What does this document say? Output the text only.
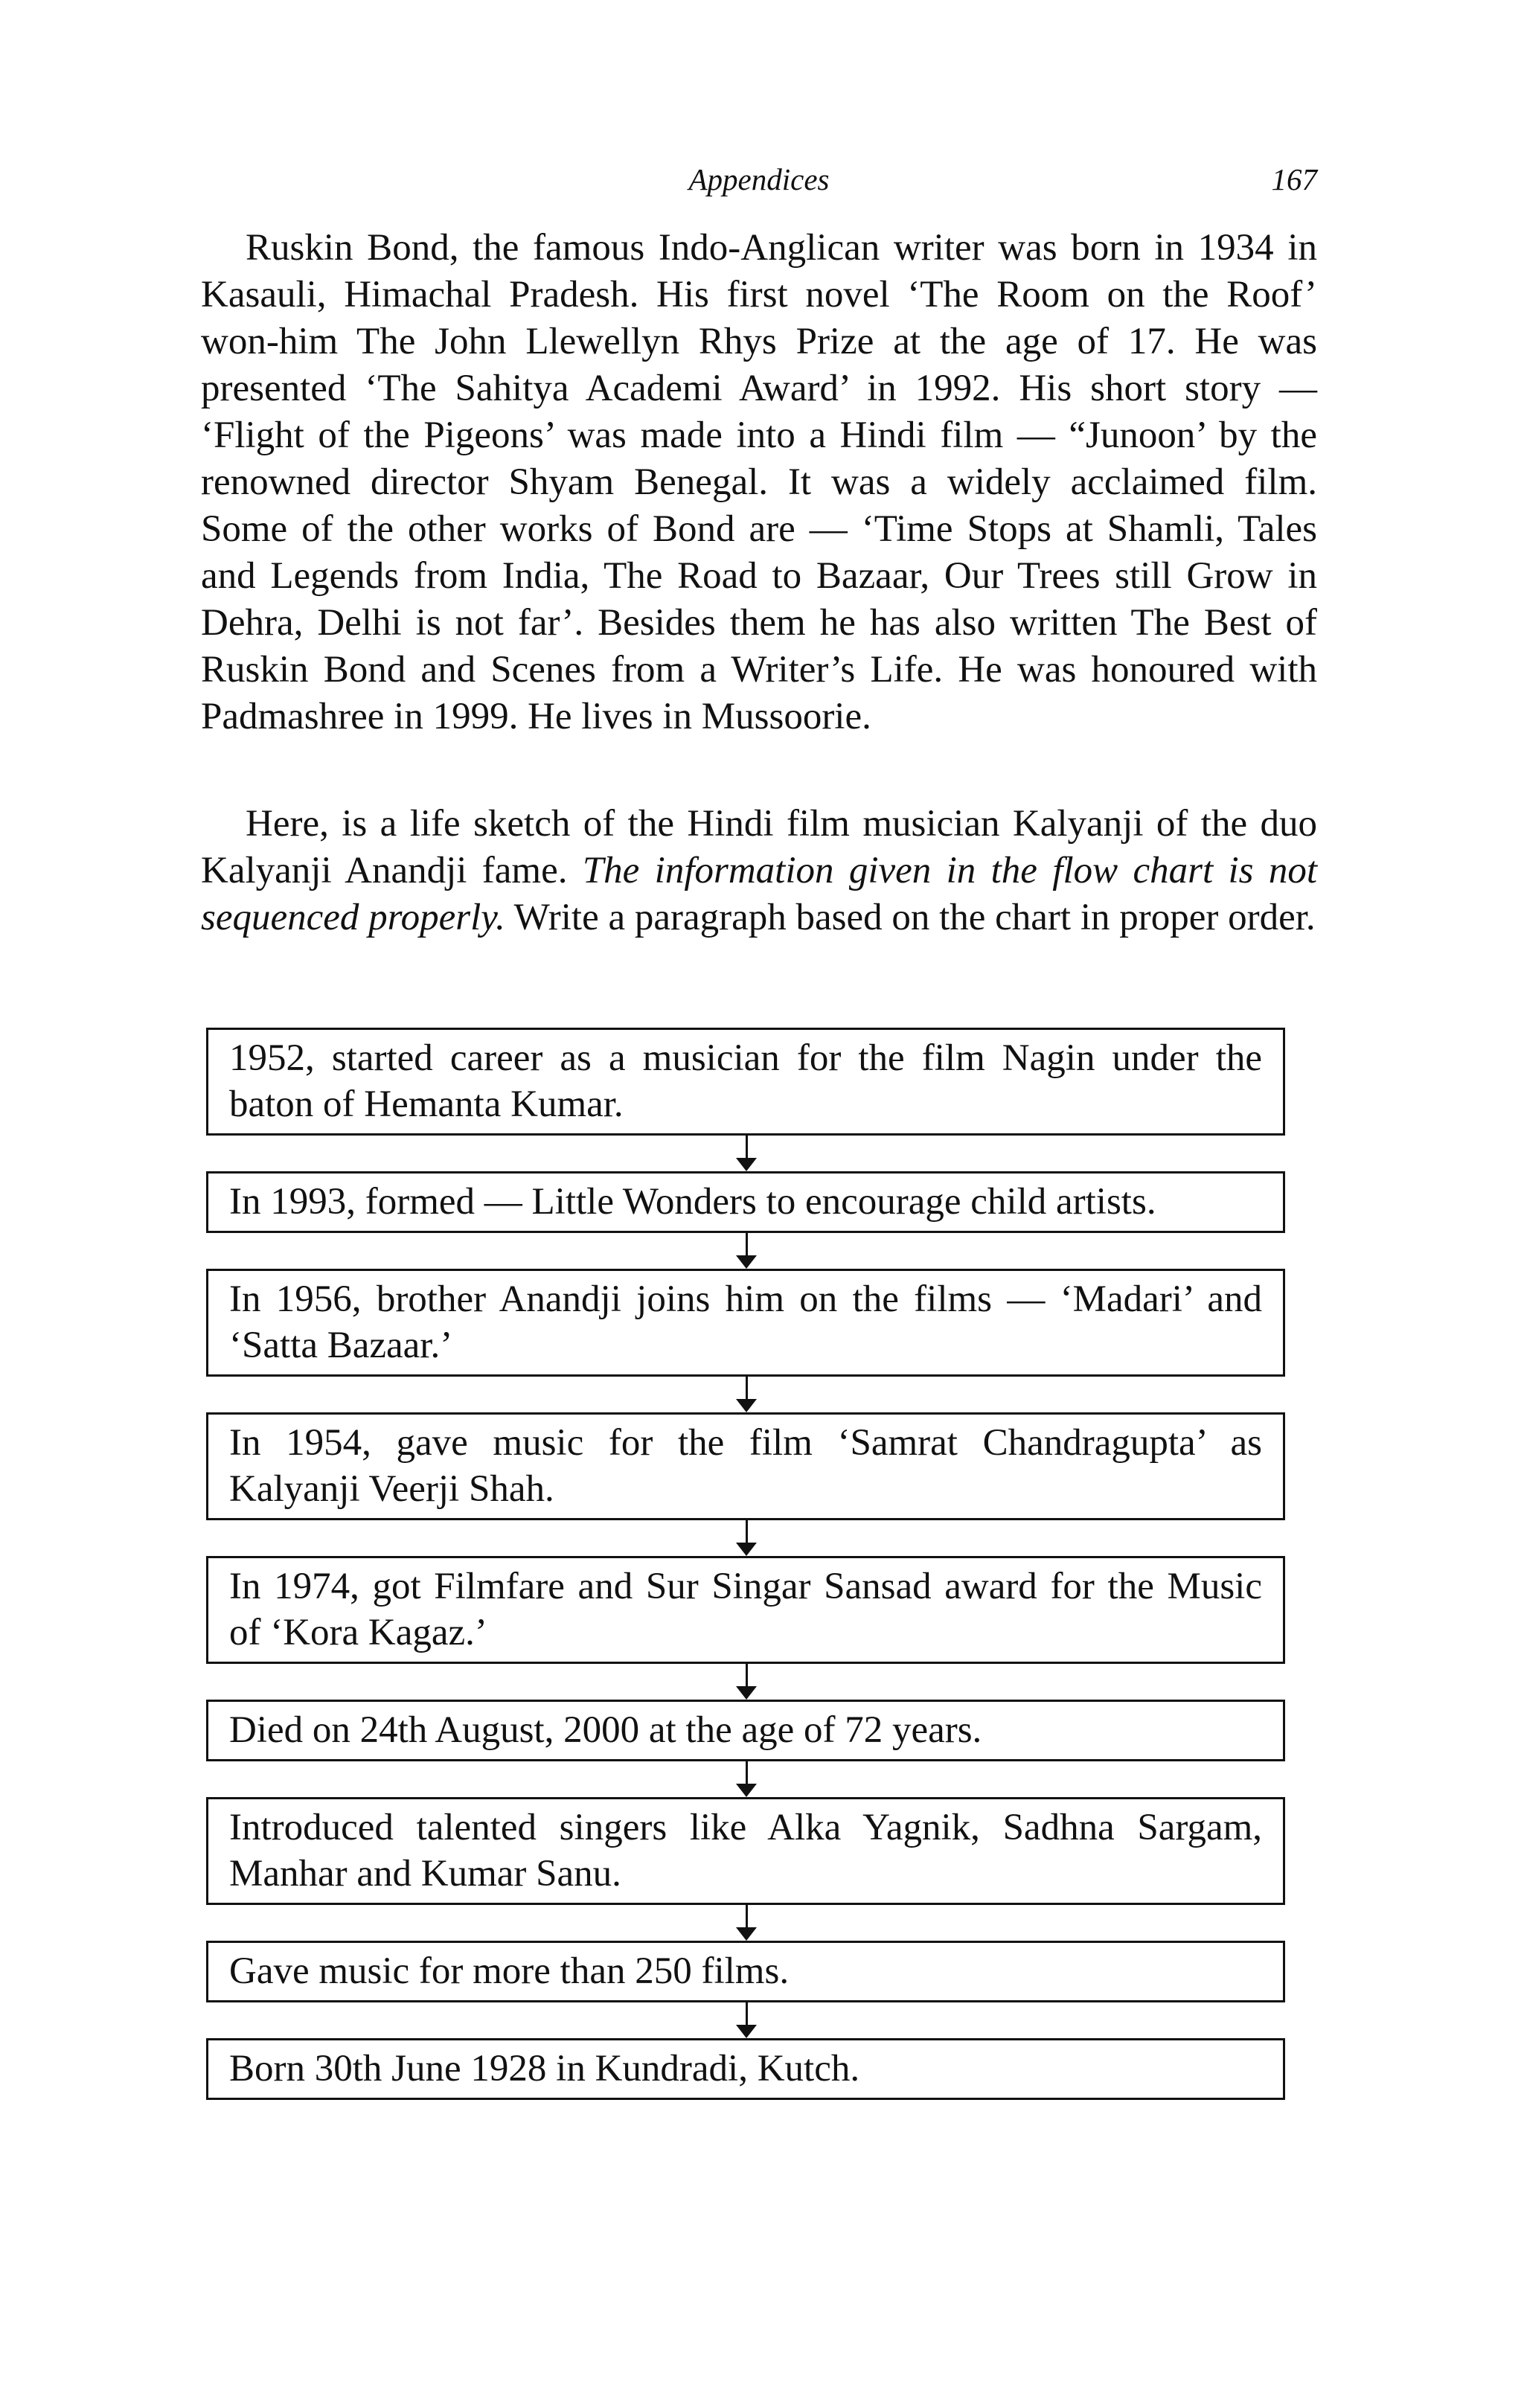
Appendices	167

Ruskin Bond, the famous Indo-Anglican writer was born in 1934 in Kasauli, Himachal Pradesh. His first novel ‘The Room on the Roof’ won-him The John Llewellyn Rhys Prize at the age of 17. He was presented ‘The Sahitya Academi Award’ in 1992. His short story — ‘Flight of the Pigeons’ was made into a Hindi film — “Junoon’ by the renowned director Shyam Benegal. It was a widely acclaimed film. Some of the other works of Bond are — ‘Time Stops at Shamli, Tales and Legends from India, The Road to Bazaar, Our Trees still Grow in Dehra, Delhi is not far’. Besides them he has also written The Best of Ruskin Bond and Scenes from a Writer’s Life. He was honoured with Padmashree in 1999. He lives in Mussoorie.

Here, is a life sketch of the Hindi film musician Kalyanji of the duo Kalyanji Anandji fame. The information given in the flow chart is not sequenced properly. Write a paragraph based on the chart in proper order.

1952, started career as a musician for the film Nagin under the baton of Hemanta Kumar.
In 1993, formed — Little Wonders to encourage child artists.
In 1956, brother Anandji joins him on the films — ‘Madari’ and ‘Satta Bazaar.’
In 1954, gave music for the film ‘Samrat Chandragupta’ as Kalyanji Veerji Shah.
In 1974, got Filmfare and Sur Singar Sansad award for the Music of ‘Kora Kagaz.’
Died on 24th August, 2000 at the age of 72 years.
Introduced talented singers like Alka Yagnik, Sadhna Sargam, Manhar and Kumar Sanu.
Gave music for more than 250 films.
Born 30th June 1928 in Kundradi, Kutch.
